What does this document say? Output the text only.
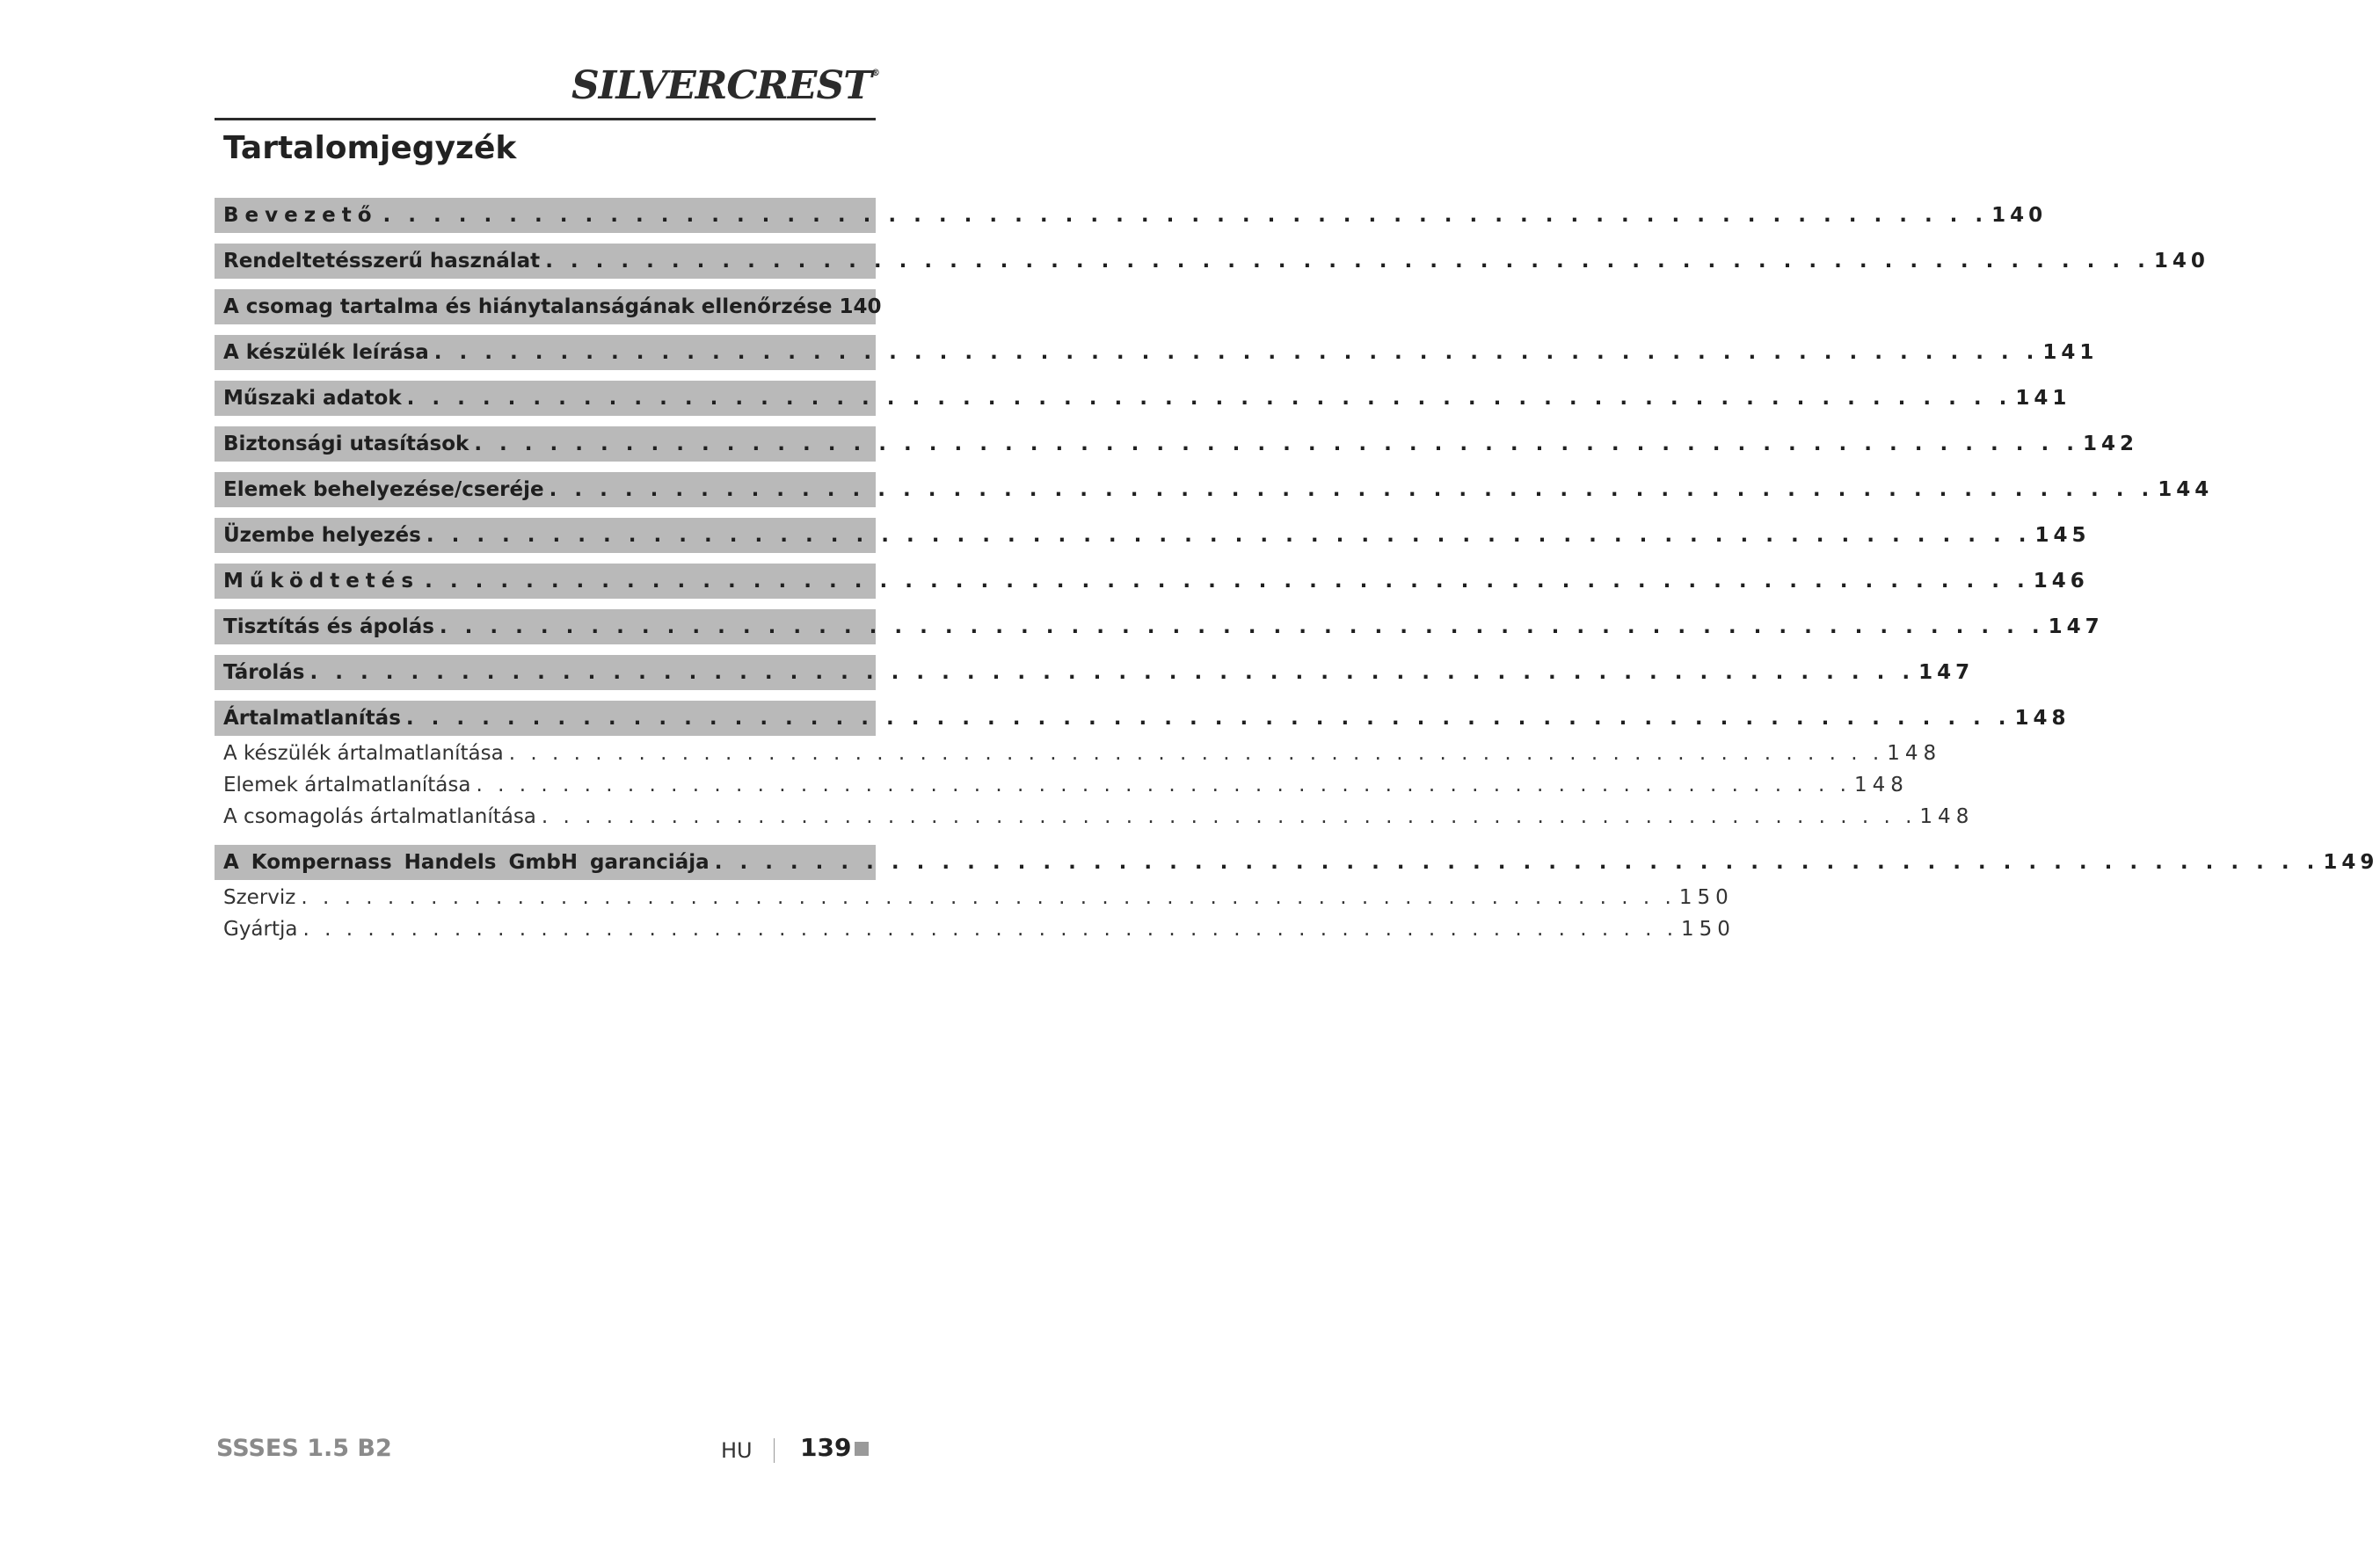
SILVERCREST®
Tartalomjegyzék
Bevezető . . . . . . . . . . . . . . . . . . . . . . . . . . . . . . . . . . . . . . . . . . . . . . . . . . . . . . . . . . . . . . . . 140
Rendeltetésszerű használat . . . . . . . . . . . . . . . . . . . . . . . . . . . . . . . . . . . . . . . . . . . . . . . . . . . . . . . . . . . . . . . . 140
A csomag tartalma és hiánytalanságának ellenőrzése 140
A készülék leírása . . . . . . . . . . . . . . . . . . . . . . . . . . . . . . . . . . . . . . . . . . . . . . . . . . . . . . . . . . . . . . . . 141
Műszaki adatok . . . . . . . . . . . . . . . . . . . . . . . . . . . . . . . . . . . . . . . . . . . . . . . . . . . . . . . . . . . . . . . . 141
Biztonsági utasítások . . . . . . . . . . . . . . . . . . . . . . . . . . . . . . . . . . . . . . . . . . . . . . . . . . . . . . . . . . . . . . . . 142
Elemek behelyezése/cseréje . . . . . . . . . . . . . . . . . . . . . . . . . . . . . . . . . . . . . . . . . . . . . . . . . . . . . . . . . . . . . . . . 144
Üzembe helyezés . . . . . . . . . . . . . . . . . . . . . . . . . . . . . . . . . . . . . . . . . . . . . . . . . . . . . . . . . . . . . . . . 145
Működtetés . . . . . . . . . . . . . . . . . . . . . . . . . . . . . . . . . . . . . . . . . . . . . . . . . . . . . . . . . . . . . . . . 146
Tisztítás és ápolás . . . . . . . . . . . . . . . . . . . . . . . . . . . . . . . . . . . . . . . . . . . . . . . . . . . . . . . . . . . . . . . . 147
Tárolás . . . . . . . . . . . . . . . . . . . . . . . . . . . . . . . . . . . . . . . . . . . . . . . . . . . . . . . . . . . . . . . . 147
Ártalmatlanítás . . . . . . . . . . . . . . . . . . . . . . . . . . . . . . . . . . . . . . . . . . . . . . . . . . . . . . . . . . . . . . . . 148
A készülék ártalmatlanítása . . . . . . . . . . . . . . . . . . . . . . . . . . . . . . . . . . . . . . . . . . . . . . . . . . . . . . . . . . . . . . . . 148
Elemek ártalmatlanítása . . . . . . . . . . . . . . . . . . . . . . . . . . . . . . . . . . . . . . . . . . . . . . . . . . . . . . . . . . . . . . . . 148
A csomagolás ártalmatlanítása . . . . . . . . . . . . . . . . . . . . . . . . . . . . . . . . . . . . . . . . . . . . . . . . . . . . . . . . . . . . . . . . 148
A Kompernass Handels GmbH garanciája . . . . . . . . . . . . . . . . . . . . . . . . . . . . . . . . . . . . . . . . . . . . . . . . . . . . . . . . . . . . . . . . 149
Szerviz . . . . . . . . . . . . . . . . . . . . . . . . . . . . . . . . . . . . . . . . . . . . . . . . . . . . . . . . . . . . . . . . 150
Gyártja . . . . . . . . . . . . . . . . . . . . . . . . . . . . . . . . . . . . . . . . . . . . . . . . . . . . . . . . . . . . . . . . 150
SSSES 1.5 B2	HU 139
